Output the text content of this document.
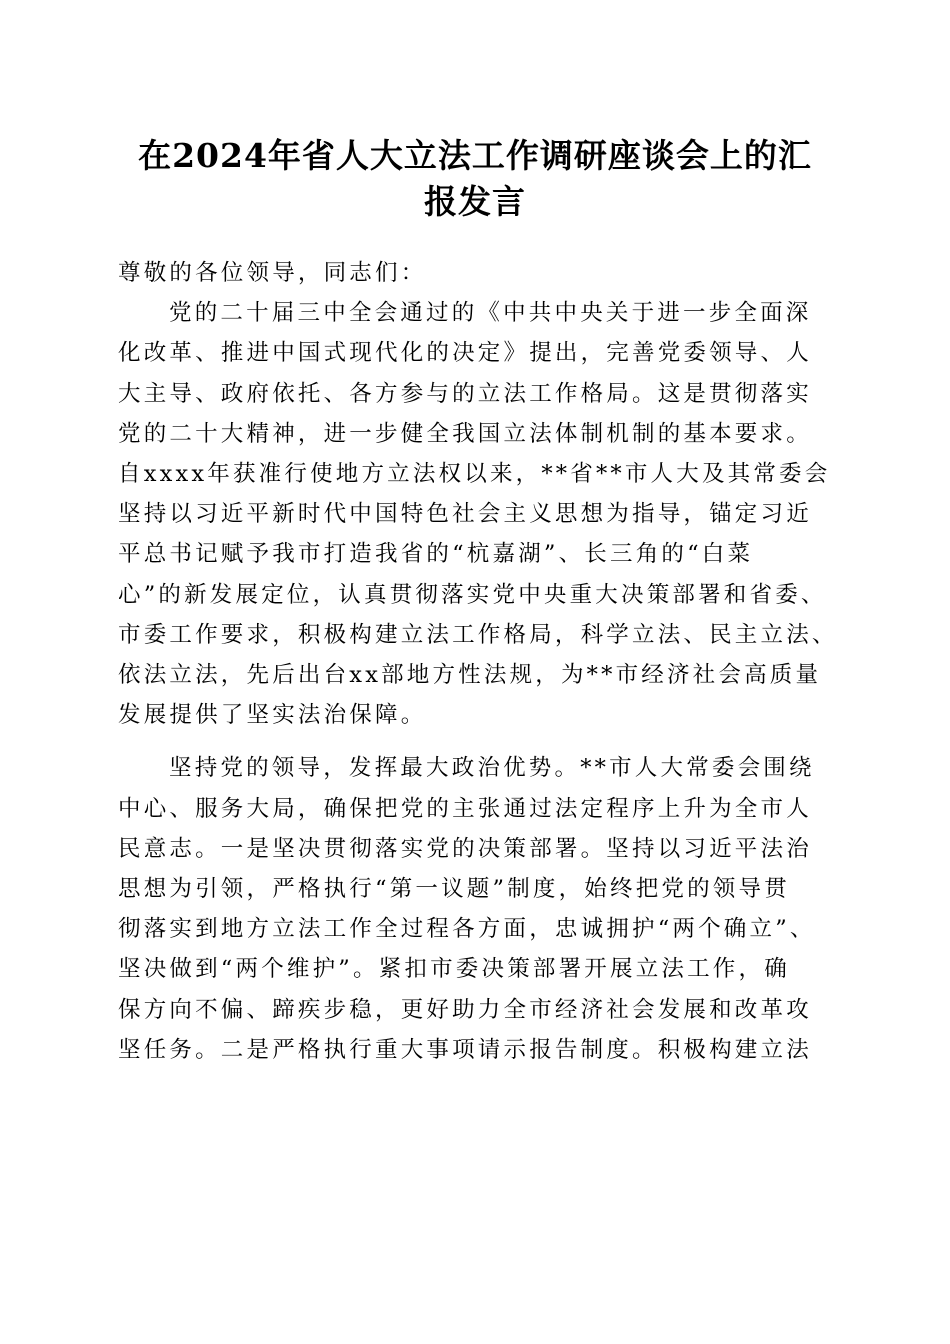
在2024年省人大立法工作调研座谈会上的汇
报发言

尊敬的各位领导，同志们：

党的二十届三中全会通过的《中共中央关于进一步全面深
化改革、推进中国式现代化的决定》提出，完善党委领导、人
大主导、政府依托、各方参与的立法工作格局。这是贯彻落实
党的二十大精神，进一步健全我国立法体制机制的基本要求。
自xxxx年获准行使地方立法权以来，**省**市人大及其常委会
坚持以习近平新时代中国特色社会主义思想为指导，锚定习近
平总书记赋予我市打造我省的“杭嘉湖”、长三角的“白菜
心”的新发展定位，认真贯彻落实党中央重大决策部署和省委、
市委工作要求，积极构建立法工作格局，科学立法、民主立法、
依法立法，先后出台xx部地方性法规，为**市经济社会高质量
发展提供了坚实法治保障。

坚持党的领导，发挥最大政治优势。**市人大常委会围绕
中心、服务大局，确保把党的主张通过法定程序上升为全市人
民意志。一是坚决贯彻落实党的决策部署。坚持以习近平法治
思想为引领，严格执行“第一议题”制度，始终把党的领导贯
彻落实到地方立法工作全过程各方面，忠诚拥护“两个确立”、
坚决做到“两个维护”。紧扣市委决策部署开展立法工作，确
保方向不偏、蹄疾步稳，更好助力全市经济社会发展和改革攻
坚任务。二是严格执行重大事项请示报告制度。积极构建立法
